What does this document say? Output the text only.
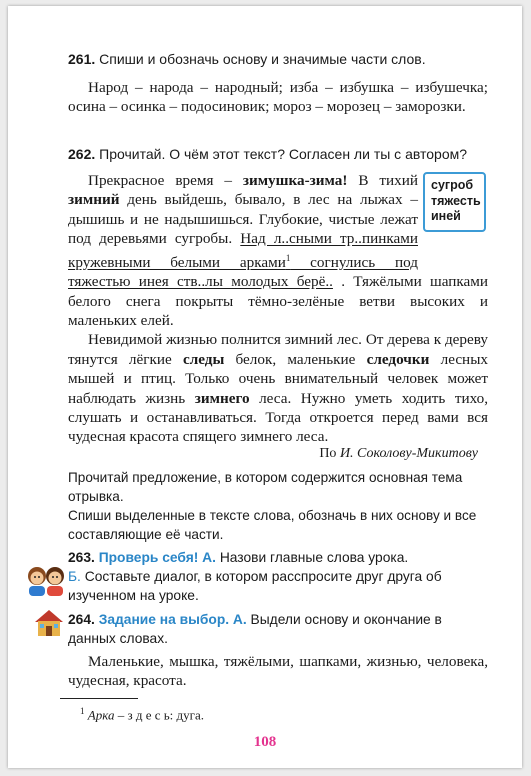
261. Спиши и обозначь основу и значимые части слов.

Народ – народа – народный; изба – избушка – избушечка; осина – осинка – подосиновик; мороз – морозец – заморозки.

262. Прочитай. О чём этот текст? Согласен ли ты с автором?
сугроб
тяжесть
иней

Прекрасное время – зимушка-зима! В тихий зимний день выйдешь, бывало, в лес на лыжах – дышишь и не надышишься. Глубокие, чистые лежат под деревьями сугробы. Над л..сными тр..пинками кружевными белыми арками$^1$ согнулись под тяжестью инея ств..лы молодых берё.. . Тяжёлыми шапками белого снега покрыты тёмно-зелёные ветви высоких и маленьких елей.

Невидимой жизнью полнится зимний лес. От дерева к дереву тянутся лёгкие следы белок, маленькие следочки лесных мышей и птиц. Только очень внимательный человек может наблюдать жизнь зимнего леса. Нужно уметь ходить тихо, слушать и останавливаться. Тогда откроется перед вами вся чудесная красота спящего зимнего леса.

По И. Соколову-Микитову
Прочитай предложение, в котором содержится основная тема отрывка.
Спиши выделенные в тексте слова, обозначь в них основу и все составляющие её части.
263. Проверь себя! А. Назови главные слова урока.
Б. Составьте диалог, в котором расспросите друг друга об изученном на уроке.
264. Задание на выбор. А. Выдели основу и окончание в данных словах.

Маленькие, мышка, тяжёлыми, шапками, жизнью, человека, чудесная, красота.

$^1$ Арка – з д е с ь: дуга.
108
